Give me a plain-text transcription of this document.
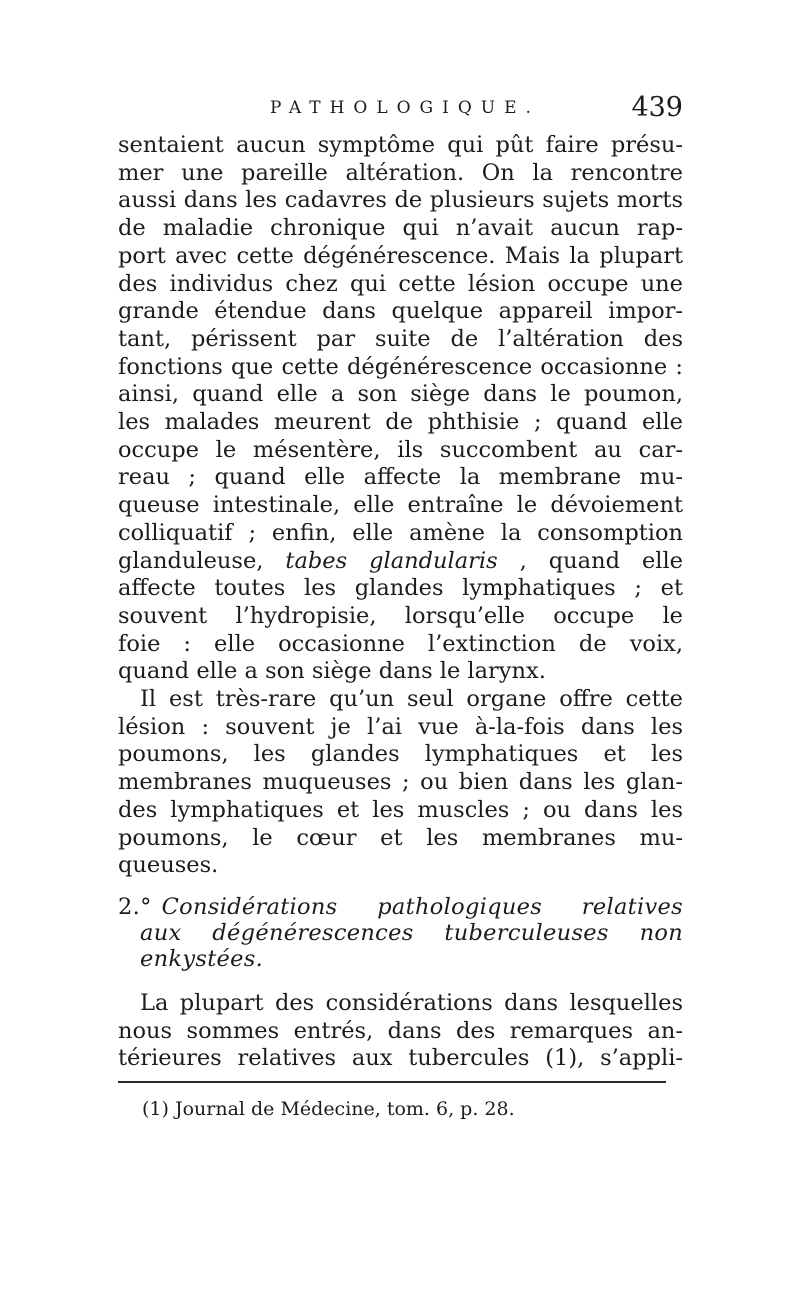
PATHOLOGIQUE.	439

sentaient aucun symptôme qui pût faire présu-
mer une pareille altération. On la rencontre
aussi dans les cadavres de plusieurs sujets morts
de maladie chronique qui n’avait aucun rap-
port avec cette dégénérescence. Mais la plupart
des individus chez qui cette lésion occupe une
grande étendue dans quelque appareil impor-
tant, périssent par suite de l’altération des
fonctions que cette dégénérescence occasionne :
ainsi, quand elle a son siège dans le poumon,
les malades meurent de phthisie ; quand elle
occupe le mésentère, ils succombent au car-
reau ; quand elle affecte la membrane mu-
queuse intestinale, elle entraîne le dévoiement
colliquatif ; enfin, elle amène la consomption
glanduleuse, tabes glandularis , quand elle
affecte toutes les glandes lymphatiques ; et
souvent l’hydropisie, lorsqu’elle occupe le
foie : elle occasionne l’extinction de voix,
quand elle a son siège dans le larynx.

Il est très-rare qu’un seul organe offre cette
lésion : souvent je l’ai vue à-la-fois dans les
poumons, les glandes lymphatiques et les
membranes muqueuses ; ou bien dans les glan-
des lymphatiques et les muscles ; ou dans les
poumons, le cœur et les membranes mu-
queuses.

2.° Considérations pathologiques relatives
aux dégénérescences tuberculeuses non
enkystées.

La plupart des considérations dans lesquelles
nous sommes entrés, dans des remarques an-
térieures relatives aux tubercules (1), s’appli-

(1) Journal de Médecine, tom. 6, p. 28.
